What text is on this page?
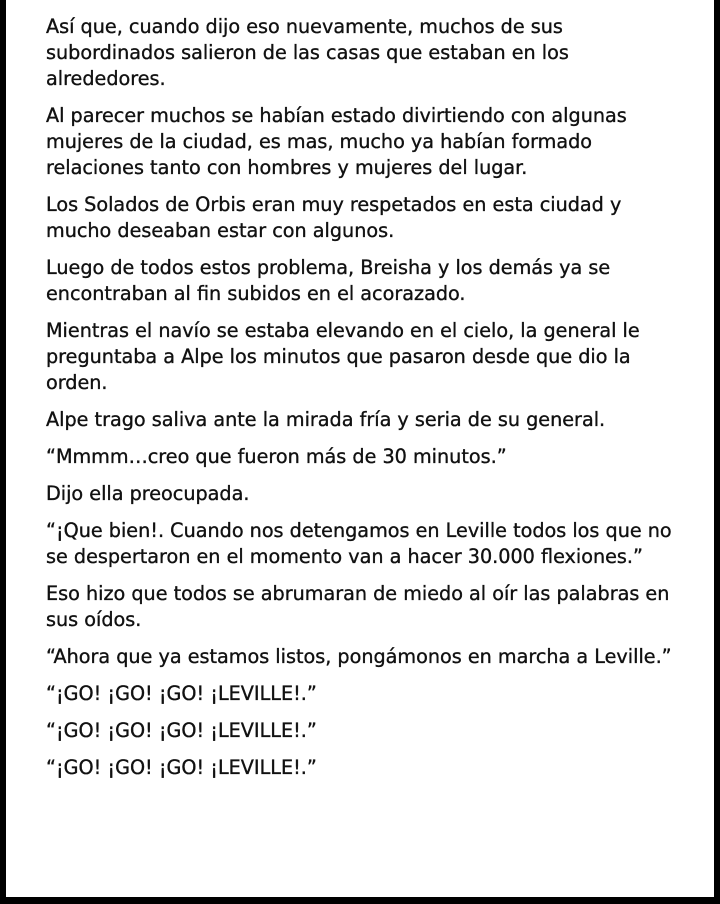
Así que, cuando dijo eso nuevamente, muchos de sus subordinados salieron de las casas que estaban en los alrededores.

Al parecer muchos se habían estado divirtiendo con algunas mujeres de la ciudad, es mas, mucho ya habían formado relaciones tanto con hombres y mujeres del lugar.

Los Solados de Orbis eran muy respetados en esta ciudad y mucho deseaban estar con algunos.

Luego de todos estos problema, Breisha y los demás ya se encontraban al fin subidos en el acorazado.

Mientras el navío se estaba elevando en el cielo, la general le preguntaba a Alpe los minutos que pasaron desde que dio la orden.

Alpe trago saliva ante la mirada fría y seria de su general.

“Mmmm…creo que fueron más de 30 minutos.”

Dijo ella preocupada.

“¡Que bien!. Cuando nos detengamos en Leville todos los que no se despertaron en el momento van a hacer 30.000 flexiones.”

Eso hizo que todos se abrumaran de miedo al oír las palabras en sus oídos.

“Ahora que ya estamos listos, pongámonos en marcha a Leville.”

“¡GO! ¡GO! ¡GO! ¡LEVILLE!.”

“¡GO! ¡GO! ¡GO! ¡LEVILLE!.”

“¡GO! ¡GO! ¡GO! ¡LEVILLE!.”
